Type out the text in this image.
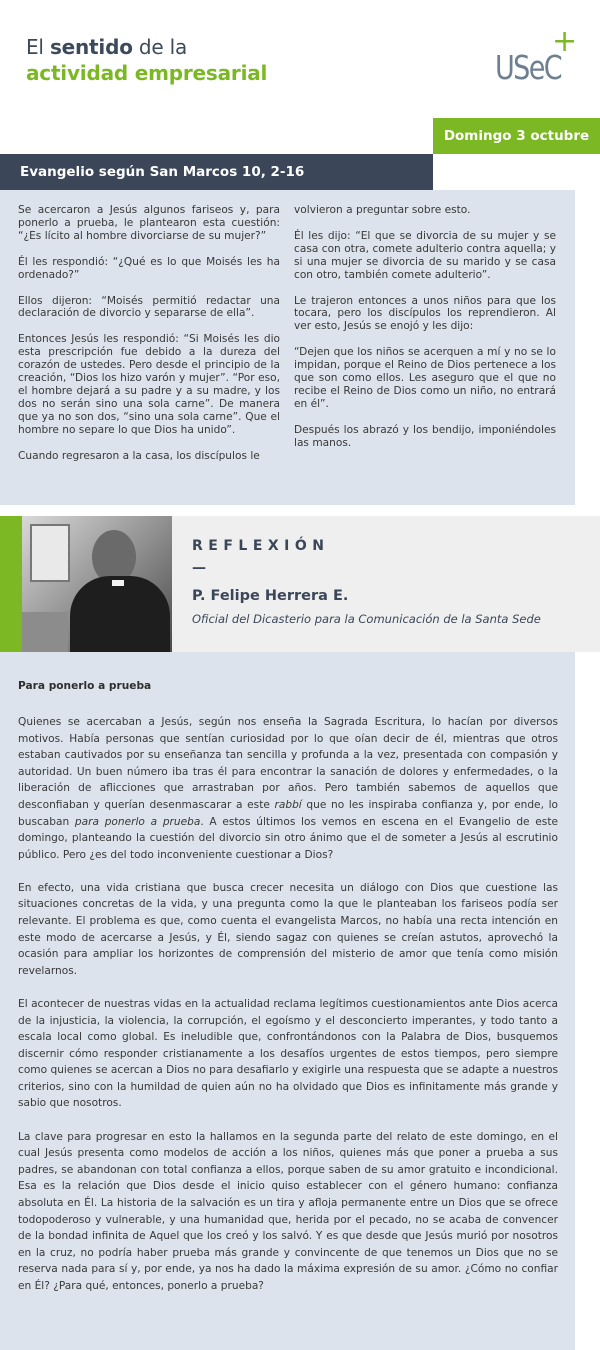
El sentido de la
actividad empresarial	USeC
+
Domingo 3 octubre
Evangelio según San Marcos 10, 2-16

Se acercaron a Jesús algunos fariseos y, para ponerlo a prueba, le plantearon esta cuestión: “¿Es lícito al hombre divorciarse de su mujer?”

Él les respondió: “¿Qué es lo que Moisés les ha ordenado?”

Ellos dijeron: “Moisés permitió redactar una declaración de divorcio y separarse de ella”.

Entonces Jesús les respondió: “Si Moisés les dio esta prescripción fue debido a la dureza del corazón de ustedes. Pero desde el principio de la creación, “Dios los hizo varón y mujer”. “Por eso, el hombre dejará a su padre y a su madre, y los dos no serán sino una sola carne”. De manera que ya no son dos, “sino una sola carne”. Que el hombre no separe lo que Dios ha unido”.

Cuando regresaron a la casa, los discípulos le

volvieron a preguntar sobre esto.

Él les dijo: “El que se divorcia de su mujer y se casa con otra, comete adulterio contra aquella; y si una mujer se divorcia de su marido y se casa con otro, también comete adulterio”.

Le trajeron entonces a unos niños para que los tocara, pero los discípulos los reprendieron. Al ver esto, Jesús se enojó y les dijo:

“Dejen que los niños se acerquen a mí y no se lo impidan, porque el Reino de Dios pertenece a los que son como ellos. Les aseguro que el que no recibe el Reino de Dios como un niño, no entrará en él”.

Después los abrazó y los bendijo, imponiéndoles las manos.

REFLEXIÓN
—
P. Felipe Herrera E.
Oficial del Dicasterio para la Comunicación de la Santa Sede
Para ponerlo a prueba

Quienes se acercaban a Jesús, según nos enseña la Sagrada Escritura, lo hacían por diversos motivos. Había personas que sentían curiosidad por lo que oían decir de él, mientras que otros estaban cautivados por su enseñanza tan sencilla y profunda a la vez, presentada con compasión y autoridad. Un buen número iba tras él para encontrar la sanación de dolores y enfermedades, o la liberación de aflicciones que arrastraban por años. Pero también sabemos de aquellos que desconfiaban y querían desenmascarar a este rabbí que no les inspiraba confianza y, por ende, lo buscaban para ponerlo a prueba. A estos últimos los vemos en escena en el Evangelio de este domingo, planteando la cuestión del divorcio sin otro ánimo que el de someter a Jesús al escrutinio público. Pero ¿es del todo inconveniente cuestionar a Dios?

En efecto, una vida cristiana que busca crecer necesita un diálogo con Dios que cuestione las situaciones concretas de la vida, y una pregunta como la que le planteaban los fariseos podía ser relevante. El problema es que, como cuenta el evangelista Marcos, no había una recta intención en este modo de acercarse a Jesús, y Él, siendo sagaz con quienes se creían astutos, aprovechó la ocasión para ampliar los horizontes de comprensión del misterio de amor que tenía como misión revelarnos.

El acontecer de nuestras vidas en la actualidad reclama legítimos cuestionamientos ante Dios acerca de la injusticia, la violencia, la corrupción, el egoísmo y el desconcierto imperantes, y todo tanto a escala local como global. Es ineludible que, confrontándonos con la Palabra de Dios, busquemos discernir cómo responder cristianamente a los desafíos urgentes de estos tiempos, pero siempre como quienes se acercan a Dios no para desafiarlo y exigirle una respuesta que se adapte a nuestros criterios, sino con la humildad de quien aún no ha olvidado que Dios es infinitamente más grande y sabio que nosotros.

La clave para progresar en esto la hallamos en la segunda parte del relato de este domingo, en el cual Jesús presenta como modelos de acción a los niños, quienes más que poner a prueba a sus padres, se abandonan con total confianza a ellos, porque saben de su amor gratuito e incondicional. Esa es la relación que Dios desde el inicio quiso establecer con el género humano: confianza absoluta en Él. La historia de la salvación es un tira y afloja permanente entre un Dios que se ofrece todopoderoso y vulnerable, y una humanidad que, herida por el pecado, no se acaba de convencer de la bondad infinita de Aquel que los creó y los salvó. Y es que desde que Jesús murió por nosotros en la cruz, no podría haber prueba más grande y convincente de que tenemos un Dios que no se reserva nada para sí y, por ende, ya nos ha dado la máxima expresión de su amor. ¿Cómo no confiar en Él? ¿Para qué, entonces, ponerlo a prueba?
